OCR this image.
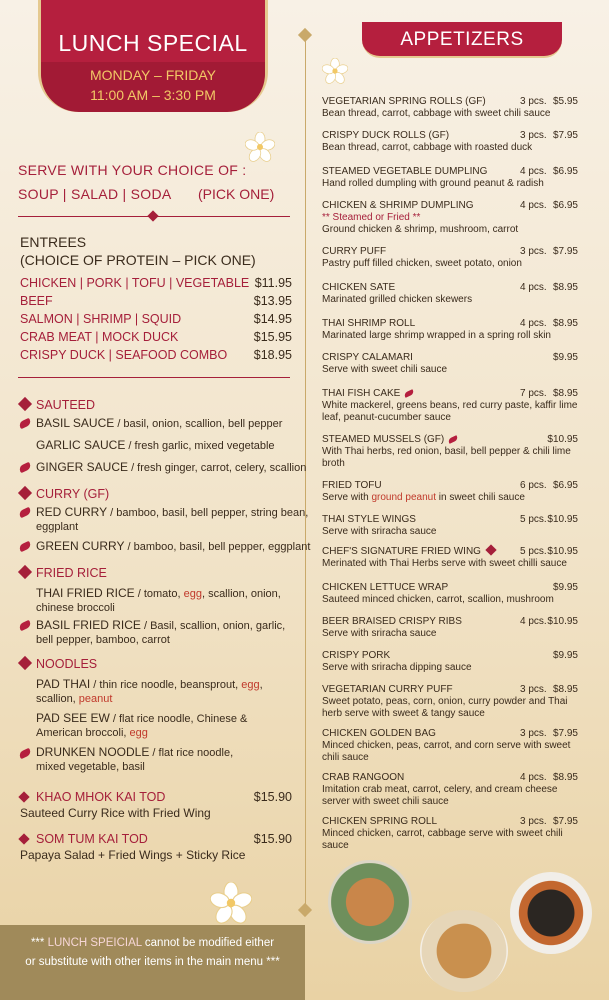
LUNCH SPECIAL
MONDAY – FRIDAY
11:00 AM – 3:30 PM
SERVE WITH YOUR CHOICE OF :
SOUP | SALAD | SODA (PICK ONE)
ENTREES
(CHOICE OF PROTEIN – PICK ONE)
CHICKEN | PORK | TOFU | VEGETABLE $11.95
BEEF	$13.95
SALMON | SHRIMP | SQUID	$14.95
CRAB MEAT | MOCK DUCK	$15.95
CRISPY DUCK | SEAFOOD COMBO $18.95
SAUTEED
BASIL SAUCE / basil, onion, scallion, bell pepper
GARLIC SAUCE / fresh garlic, mixed vegetable
GINGER SAUCE / fresh ginger, carrot, celery, scallion
CURRY (GF)
RED CURRY / bamboo, basil, bell pepper, string bean,
eggplant
GREEN CURRY / bamboo, basil, bell pepper, eggplant
FRIED RICE
THAI FRIED RICE / tomato, egg, scallion, onion,
chinese broccoli
BASIL FRIED RICE / Basil, scallion, onion, garlic,
bell pepper, bamboo, carrot
NOODLES
PAD THAI / thin rice noodle, beansprout, egg,
scallion, peanut
PAD SEE EW / flat rice noodle, Chinese &
American broccoli, egg
DRUNKEN NOODLE / flat rice noodle,
mixed vegetable, basil
KHAO MHOK KAI TOD	$15.90
Sauteed Curry Rice with Fried Wing
SOM TUM KAI TOD	$15.90
Papaya Salad + Fried Wings + Sticky Rice
*** LUNCH SPEICIAL cannot be modified either
or substitute with other items in the main menu ***
APPETIZERS
VEGETARIAN SPRING ROLLS (GF)	3 pcs. $5.95
Bean thread, carrot, cabbage with sweet chili sauce
CRISPY DUCK ROLLS (GF)	3 pcs. $7.95
Bean thread, carrot, cabbage with roasted duck
STEAMED VEGETABLE DUMPLING	4 pcs. $6.95
Hand rolled dumpling with ground peanut & radish
CHICKEN & SHRIMP DUMPLING	4 pcs. $6.95
** Steamed or Fried **
Ground chicken & shrimp, mushroom, carrot
CURRY PUFF	3 pcs. $7.95
Pastry puff filled chicken, sweet potato, onion
CHICKEN SATE	4 pcs. $8.95
Marinated grilled chicken skewers
THAI SHRIMP ROLL	4 pcs. $8.95
Marinated large shrimp wrapped in a spring roll skin
CRISPY CALAMARI	$9.95
Serve with sweet chili sauce
THAI FISH CAKE	7 pcs. $8.95
White mackerel, greens beans, red curry paste, kaffir lime leaf, peanut-cucumber sauce
STEAMED MUSSELS (GF)	$10.95
With Thai herbs, red onion, basil, bell pepper & chili lime broth
FRIED TOFU	6 pcs. $6.95
Serve with ground peanut in sweet chili sauce
THAI STYLE WINGS	5 pcs. $10.95
Serve with sriracha sauce
CHEF'S SIGNATURE FRIED WING	5 pcs. $10.95
Merinated with Thai Herbs serve with sweet chilli sauce
CHICKEN LETTUCE WRAP	$9.95
Sauteed minced chicken, carrot, scallion, mushroom
BEER BRAISED CRISPY RIBS	4 pcs. $10.95
Serve with sriracha sauce
CRISPY PORK	$9.95
Serve with sriracha dipping sauce
VEGETARIAN CURRY PUFF	3 pcs. $8.95
Sweet potato, peas, corn, onion, curry powder and Thai herb serve with sweet & tangy sauce
CHICKEN GOLDEN BAG	3 pcs. $7.95
Minced chicken, peas, carrot, and corn serve with sweet chili sauce
CRAB RANGOON	4 pcs. $8.95
Imitation crab meat, carrot, celery, and cream cheese server with sweet chili sauce
CHICKEN SPRING ROLL	3 pcs. $7.95
Minced chicken, carrot, cabbage serve with sweet chili sauce
